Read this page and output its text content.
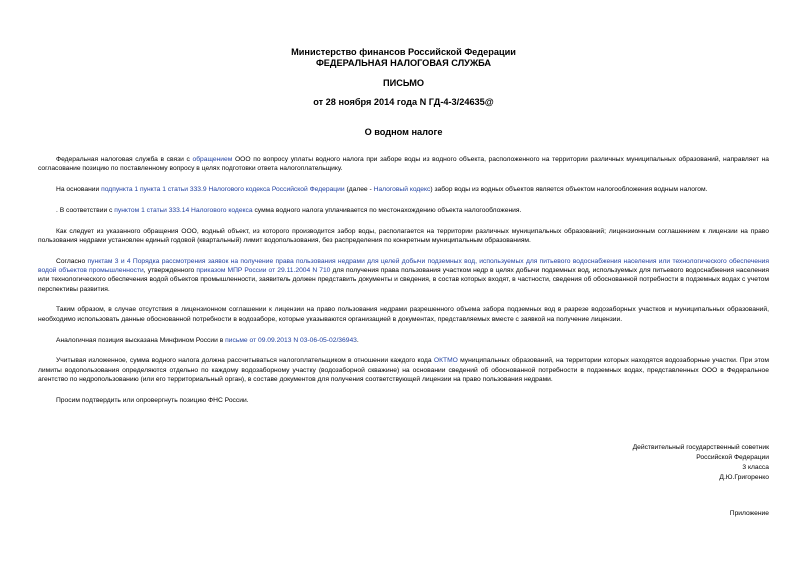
Министерство финансов Российской Федерации
ФЕДЕРАЛЬНАЯ НАЛОГОВАЯ СЛУЖБА
ПИСЬМО
от 28 ноября 2014 года N ГД-4-3/24635@
О водном налоге

Федеральная налоговая служба в связи с обращением ООО по вопросу уплаты водного налога при заборе воды из водного объекта, расположенного на территории различных муниципальных образований, направляет на согласование позицию по поставленному вопросу в целях подготовки ответа налогоплательщику.

На основании подпункта 1 пункта 1 статьи 333.9 Налогового кодекса Российской Федерации (далее - Налоговый кодекс) забор воды из водных объектов является объектом налогообложения водным налогом.

. В соответствии с пунктом 1 статьи 333.14 Налогового кодекса сумма водного налога уплачивается по местонахождению объекта налогообложения.

Как следует из указанного обращения ООО, водный объект, из которого производится забор воды, располагается на территории различных муниципальных образований; лицензионным соглашением к лицензии на право пользования недрами установлен единый годовой (квартальный) лимит водопользования, без распределения по конкретным муниципальным образованиям.

Согласно пунктам 3 и 4 Порядка рассмотрения заявок на получение права пользования недрами для целей добычи подземных вод, используемых для питьевого водоснабжения населения или технологического обеспечения водой объектов промышленности, утвержденного приказом МПР России от 29.11.2004 N 710 для получения права пользования участком недр в целях добычи подземных вод, используемых для питьевого водоснабжения населения или технологического обеспечения водой объектов промышленности, заявитель должен представить документы и сведения, в состав которых входят, в частности, сведения об обоснованной потребности в подземных водах с учетом перспективы развития.

Таким образом, в случае отсутствия в лицензионном соглашении к лицензии на право пользования недрами разрешенного объема забора подземных вод в разрезе водозаборных участков и муниципальных образований, необходимо использовать данные обоснованной потребности в водозаборе, которые указываются организацией в документах, представляемых вместе с заявкой на получение лицензии.

Аналогичная позиция высказана Минфином России в письме от 09.09.2013 N 03-06-05-02/36943.

Учитывая изложенное, сумма водного налога должна рассчитываться налогоплательщиком в отношении каждого кода ОКТМО муниципальных образований, на территории которых находятся водозаборные участки. При этом лимиты водопользования определяются отдельно по каждому водозаборному участку (водозаборной скважине) на основании сведений об обоснованной потребности в подземных водах, представленных ООО в Федеральное агентство по недропользованию (или его территориальный орган), в составе документов для получения соответствующей лицензии на право пользования недрами.

Просим подтвердить или опровергнуть позицию ФНС России.

Действительный государственный советник
Российской Федерации
3 класса
Д.Ю.Григоренко
Приложение
